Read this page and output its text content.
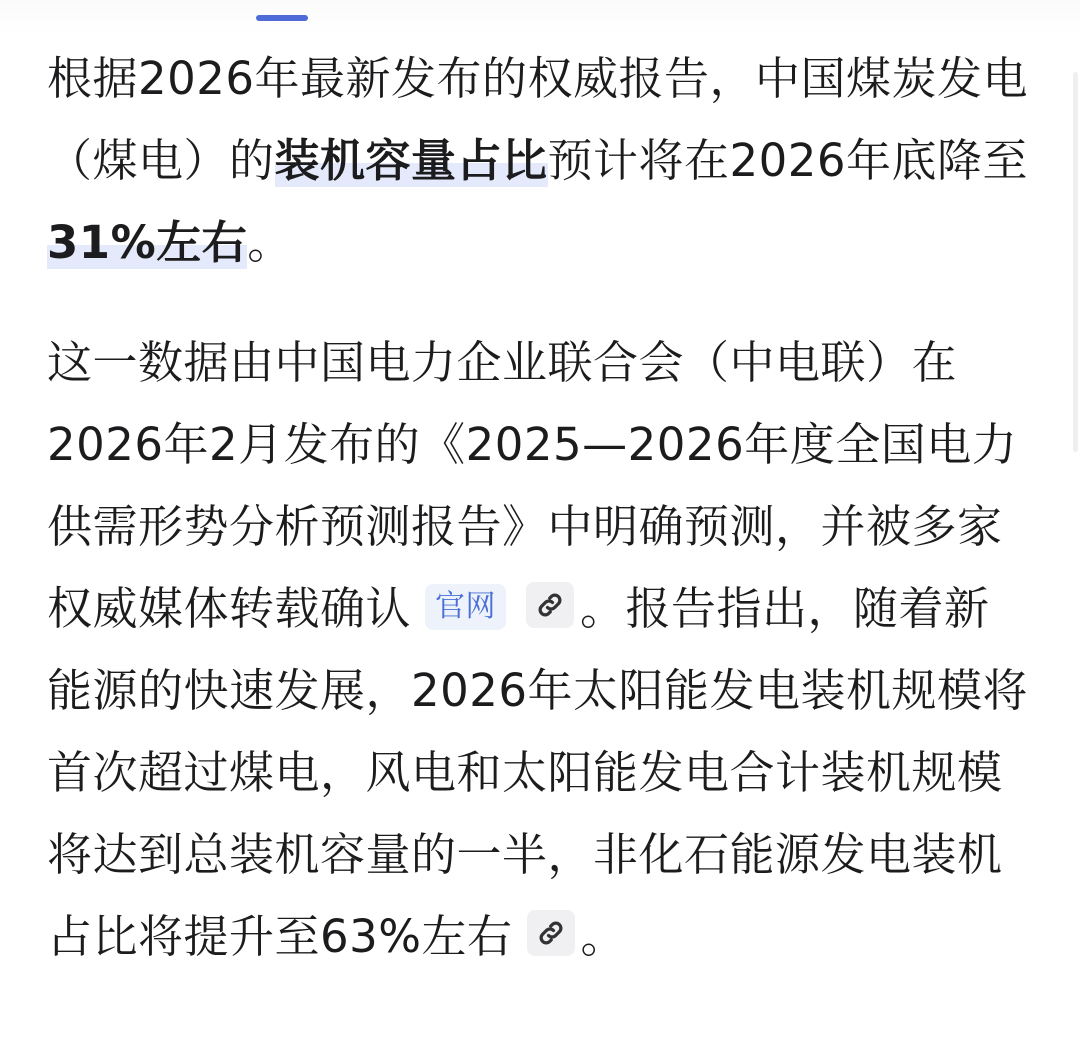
根据2026年最新发布的权威报告，中国煤炭发电（煤电）的装机容量占比预计将在2026年底降至31%左右。

这一数据由中国电力企业联合会（中电联）在2026年2月发布的《2025—2026年度全国电力供需形势分析预测报告》中明确预测，并被多家权威媒体转载确认 官网 。报告指出，随着新能源的快速发展，2026年太阳能发电装机规模将首次超过煤电，风电和太阳能发电合计装机规模将达到总装机容量的一半，非化石能源发电装机占比将提升至63%左右 。
